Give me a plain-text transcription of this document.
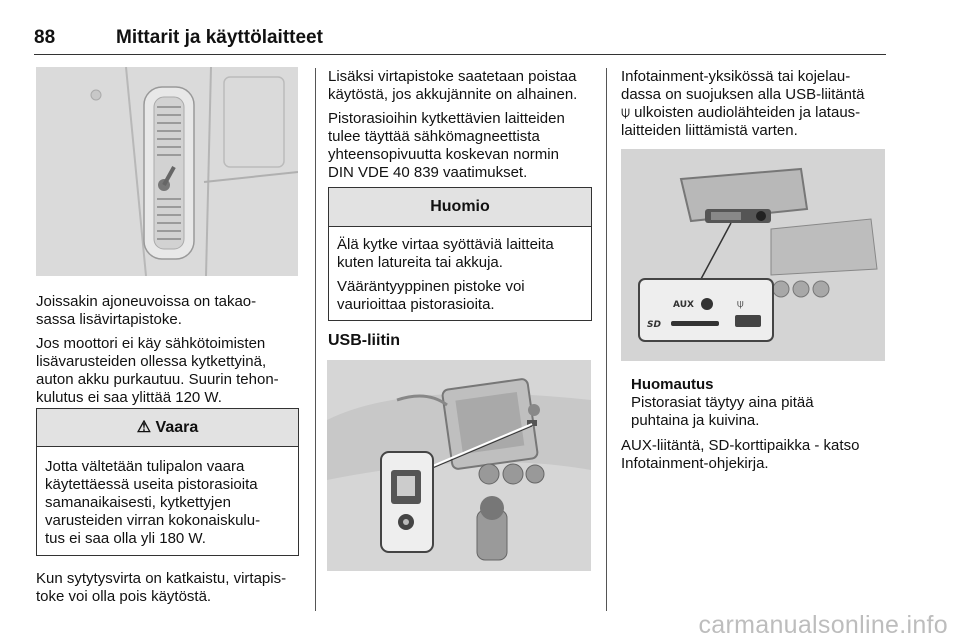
88	Mittarit ja käyttölaitteet

Joissakin ajoneuvoissa on takao-
sassa lisävirtapistoke.

Jos moottori ei käy sähkötoimisten
lisävarusteiden ollessa kytkettyinä,
auton akku purkautuu. Suurin tehon-
kulutus ei saa ylittää 120 W.

⚠ Vaara
Jotta vältetään tulipalon vaara
käytettäessä useita pistorasioita
samanaikaisesti, kytkettyjen
varusteiden virran kokonaiskulu-
tus ei saa olla yli 180 W.

Kun sytytysvirta on katkaistu, virtapis-
toke voi olla pois käytöstä.

Lisäksi virtapistoke saatetaan poistaa
käytöstä, jos akkujännite on alhainen.

Pistorasioihin kytkettävien laitteiden
tulee täyttää sähkömagneettista
yhteensopivuutta koskevan normin
DIN VDE 40 839 vaatimukset.

Huomio

Älä kytke virtaa syöttäviä laitteita
kuten latureita tai akkuja.

Vääräntyyppinen pistoke voi
vaurioittaa pistorasioita.

USB-liitin

Infotainment-yksikössä tai kojelau-
dassa on suojuksen alla USB-liitäntä
⍦ ulkoisten audiolähteiden ja lataus-
laitteiden liittämistä varten.

AUX
SD
⍦
Huomautus
Pistorasiat täytyy aina pitää
puhtaina ja kuivina.

AUX-liitäntä, SD-korttipaikka - katso
Infotainment-ohjekirja.

carmanualsonline.info
